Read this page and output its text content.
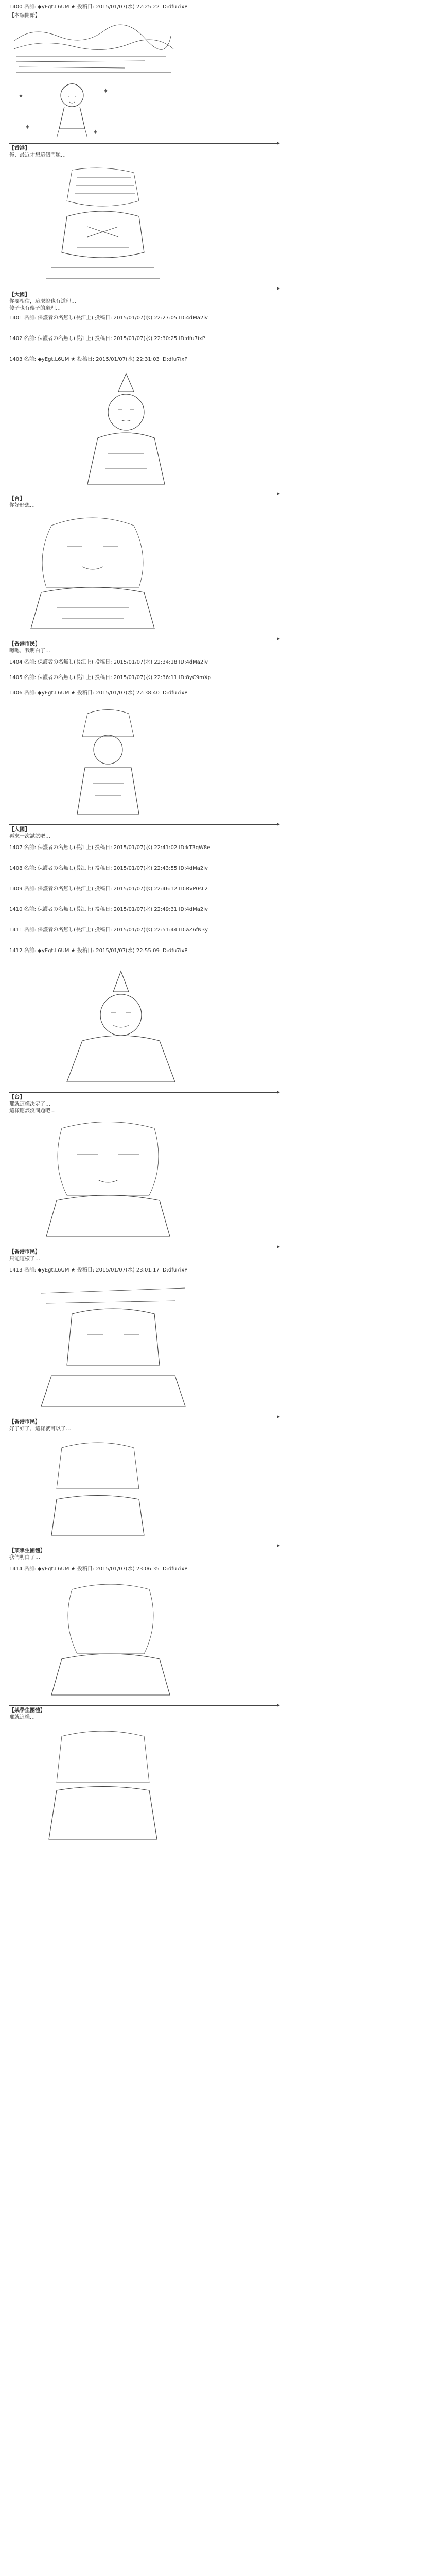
1400 名前: ◆yEgt.L6UM ★ 投稿日: 2015/01/07(水) 22:25:22 ID:dfu7ixP
【本編開始】
✦
✦
✦
✦
【香港】
俺、最近才想這個問題…
【大國】
你要相信，這麼說也有道理…
傻子也有傻子的道理…
1401 名前: 保護者の名無し(長江上) 投稿日: 2015/01/07(水) 22:27:05 ID:4dMa2iv
1402 名前: 保護者の名無し(長江上) 投稿日: 2015/01/07(水) 22:30:25 ID:dfu7ixP
1403 名前: ◆yEgt.L6UM ★ 投稿日: 2015/01/07(水) 22:31:03 ID:dfu7ixP
【台】
你好好想…
【香港市民】
嗯嗯，我明白了…
1404 名前: 保護者の名無し(長江上) 投稿日: 2015/01/07(水) 22:34:18 ID:4dMa2iv
1405 名前: 保護者の名無し(長江上) 投稿日: 2015/01/07(水) 22:36:11 ID:8yC9mXp
1406 名前: ◆yEgt.L6UM ★ 投稿日: 2015/01/07(水) 22:38:40 ID:dfu7ixP
【大國】
再來一次試試吧…
1407 名前: 保護者の名無し(長江上) 投稿日: 2015/01/07(水) 22:41:02 ID:kT3qW8e
1408 名前: 保護者の名無し(長江上) 投稿日: 2015/01/07(水) 22:43:55 ID:4dMa2iv
1409 名前: 保護者の名無し(長江上) 投稿日: 2015/01/07(水) 22:46:12 ID:RvP0sL2
1410 名前: 保護者の名無し(長江上) 投稿日: 2015/01/07(水) 22:49:31 ID:4dMa2iv
1411 名前: 保護者の名無し(長江上) 投稿日: 2015/01/07(水) 22:51:44 ID:aZ6fN3y
1412 名前: ◆yEgt.L6UM ★ 投稿日: 2015/01/07(水) 22:55:09 ID:dfu7ixP
【台】
那就這樣決定了…
這樣應該沒問題吧…
【香港市民】
只能這樣了…
1413 名前: ◆yEgt.L6UM ★ 投稿日: 2015/01/07(水) 23:01:17 ID:dfu7ixP
【香港市民】
好了好了，這樣就可以了…
【某學生團體】
我們明白了…
1414 名前: ◆yEgt.L6UM ★ 投稿日: 2015/01/07(水) 23:06:35 ID:dfu7ixP
【某學生團體】
那就這樣…
